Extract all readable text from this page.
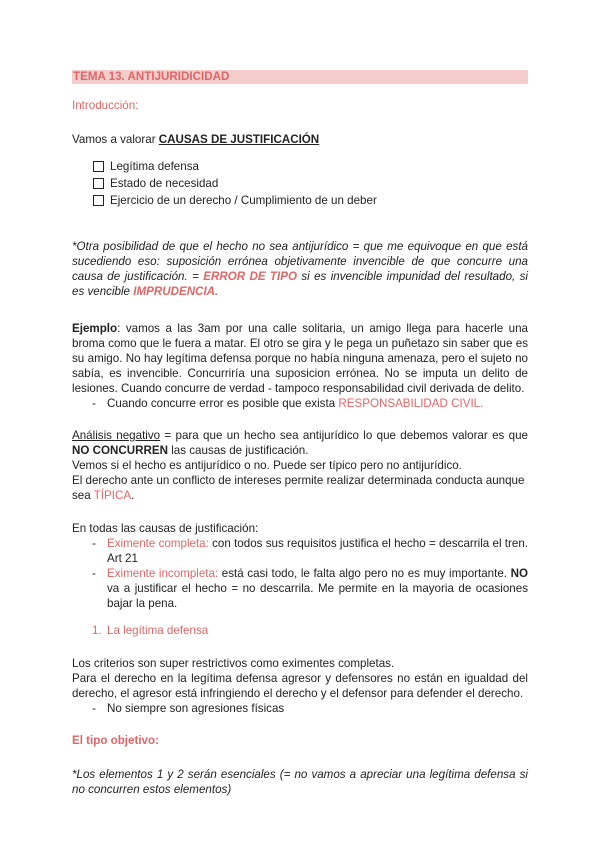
TEMA 13. ANTIJURIDICIDAD
Introducción:
Vamos a valorar CAUSAS DE JUSTIFICACIÓN
Legítima defensa
Estado de necesidad
Ejercicio de un derecho / Cumplimiento de un deber
*Otra posibilidad de que el hecho no sea antijurídico = que me equivoque en que está sucediendo eso: suposición errónea objetivamente invencible de que concurre una causa de justificación. = ERROR DE TIPO si es invencible impunidad del resultado, si es vencible IMPRUDENCIA.
Ejemplo: vamos a las 3am por una calle solitaria, un amigo llega para hacerle una broma como que le fuera a matar. El otro se gira y le pega un puñetazo sin saber que es su amigo. No hay legítima defensa porque no había ninguna amenaza, pero el sujeto no sabía, es invencible. Concurriría una suposicion errónea. No se imputa un delito de lesiones. Cuando concurre de verdad - tampoco responsabilidad civil derivada de delito.
- Cuando concurre error es posible que exista RESPONSABILIDAD CIVIL.
Análisis negativo = para que un hecho sea antijurídico lo que debemos valorar es que NO CONCURREN las causas de justificación.
Vemos si el hecho es antijurídico o no. Puede ser típico pero no antijurídico.
El derecho ante un conflicto de intereses permite realizar determinada conducta aunque sea TÍPICA.
En todas las causas de justificación:
- Eximente completa: con todos sus requisitos justifica el hecho = descarrila el tren. Art 21
- Eximente incompleta: está casi todo, le falta algo pero no es muy importante. NO va a justificar el hecho = no descarrila. Me permite en la mayoria de ocasiones bajar la pena.
1. La legítima defensa
Los criterios son super restrictivos como eximentes completas.
Para el derecho en la legítima defensa agresor y defensores no están en igualdad del derecho, el agresor está infringiendo el derecho y el defensor para defender el derecho.
- No siempre son agresiones físicas
El tipo objetivo:
*Los elementos 1 y 2 serán esenciales (= no vamos a apreciar una legítima defensa si no concurren estos elementos)
